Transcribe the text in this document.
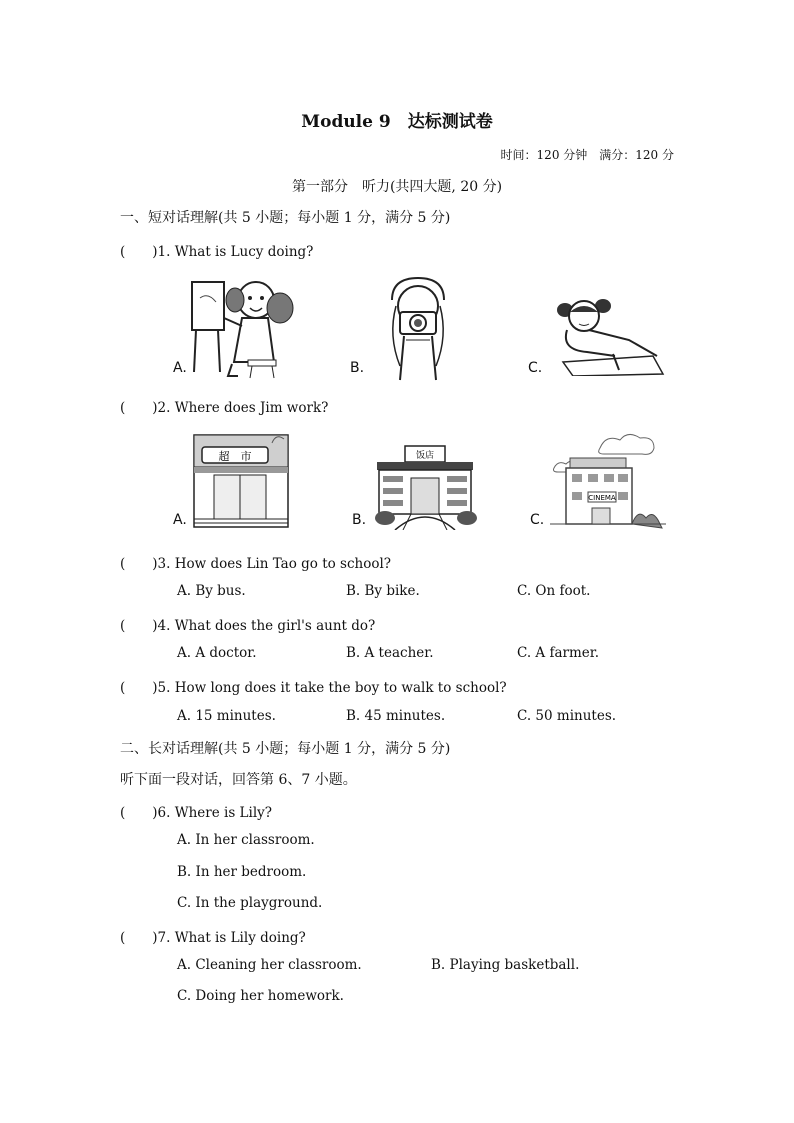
Module 9　达标测试卷
时间：120 分钟　满分：120 分
第一部分　听力(共四大题, 20 分)
一、短对话理解(共 5 小题；每小题 1 分，满分 5 分)
(　　)1. What is Lucy doing?
A.	B.	C.
(　　)2. Where does Jim work?
超　市
A.
饭店
B.
CINEMA
C.
(　　)3. How does Lin Tao go to school?
A. By bus.	B. By bike.	C. On foot.
(　　)4. What does the girl's aunt do?
A. A doctor.	B. A teacher.	C. A farmer.
(　　)5. How long does it take the boy to walk to school?
A. 15 minutes.	B. 45 minutes.	C. 50 minutes.
二、长对话理解(共 5 小题；每小题 1 分，满分 5 分)
听下面一段对话，回答第 6、7 小题。
(　　)6. Where is Lily?
A. In her classroom.
B. In her bedroom.
C. In the playground.
(　　)7. What is Lily doing?
A. Cleaning her classroom.	B. Playing basketball.
C. Doing her homework.
